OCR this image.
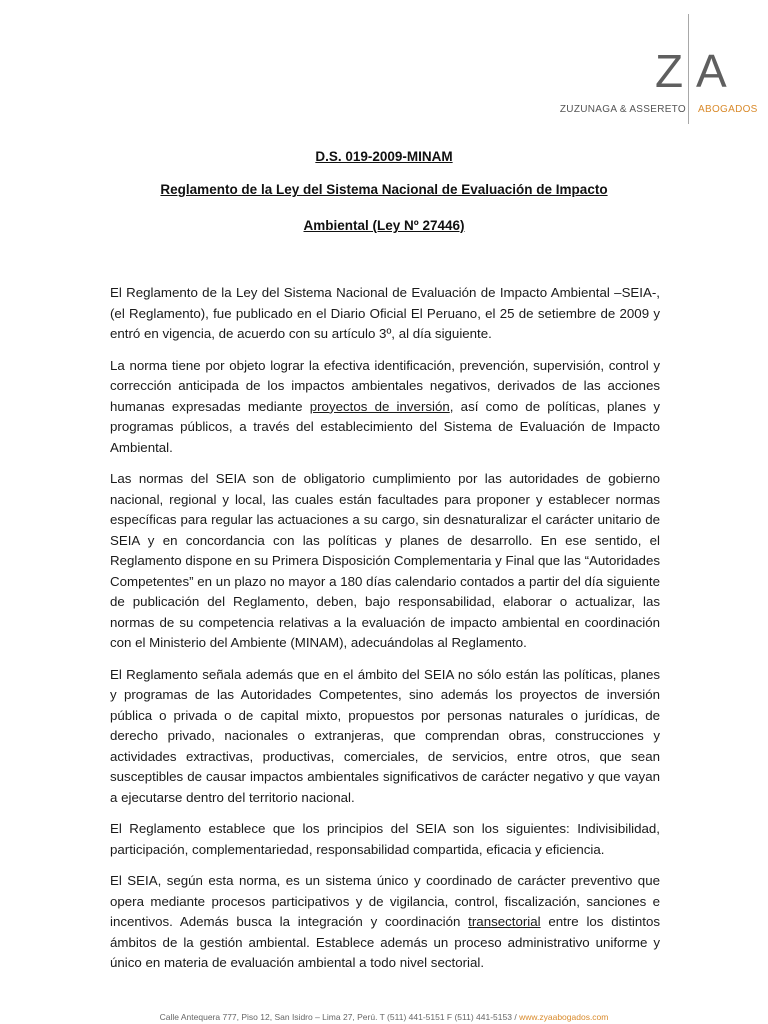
Z A
ZUZUNAGA & ASSERETO ABOGADOS
D.S. 019-2009-MINAM
Reglamento de la Ley del Sistema Nacional de Evaluación de Impacto
Ambiental (Ley Nº 27446)

El Reglamento de la Ley del Sistema Nacional de Evaluación de Impacto Ambiental –SEIA-, (el Reglamento), fue publicado en el Diario Oficial El Peruano, el 25 de setiembre de 2009 y entró en vigencia, de acuerdo con su artículo 3º, al día siguiente.

La norma tiene por objeto lograr la efectiva identificación, prevención, supervisión, control y corrección anticipada de los impactos ambientales negativos, derivados de las acciones humanas expresadas mediante proyectos de inversión, así como de políticas, planes y programas públicos, a través del establecimiento del Sistema de Evaluación de Impacto Ambiental.

Las normas del SEIA son de obligatorio cumplimiento por las autoridades de gobierno nacional, regional y local, las cuales están facultades para proponer y establecer normas específicas para regular las actuaciones a su cargo, sin desnaturalizar el carácter unitario de SEIA y en concordancia con las políticas y planes de desarrollo. En ese sentido, el Reglamento dispone en su Primera Disposición Complementaria y Final que las “Autoridades Competentes” en un plazo no mayor a 180 días calendario contados a partir del día siguiente de publicación del Reglamento, deben, bajo responsabilidad, elaborar o actualizar, las normas de su competencia relativas a la evaluación de impacto ambiental en coordinación con el Ministerio del Ambiente (MINAM), adecuándolas al Reglamento.

El Reglamento señala además que en el ámbito del SEIA no sólo están las políticas, planes y programas de las Autoridades Competentes, sino además los proyectos de inversión pública o privada o de capital mixto, propuestos por personas naturales o jurídicas, de derecho privado, nacionales o extranjeras, que comprendan obras, construcciones y actividades extractivas, productivas, comerciales, de servicios, entre otros, que sean susceptibles de causar impactos ambientales significativos de carácter negativo y que vayan a ejecutarse dentro del territorio nacional.

El Reglamento establece que los principios del SEIA son los siguientes: Indivisibilidad, participación, complementariedad, responsabilidad compartida, eficacia y eficiencia.

El SEIA, según esta norma, es un sistema único y coordinado de carácter preventivo que opera mediante procesos participativos y de vigilancia, control, fiscalización, sanciones e incentivos. Además busca la integración y coordinación transectorial entre los distintos ámbitos de la gestión ambiental. Establece además un proceso administrativo uniforme y único en materia de evaluación ambiental a todo nivel sectorial.

Calle Antequera 777, Piso 12, San Isidro – Lima 27, Perú. T (511) 441-5151 F (511) 441-5153 / www.zyaabogados.com
